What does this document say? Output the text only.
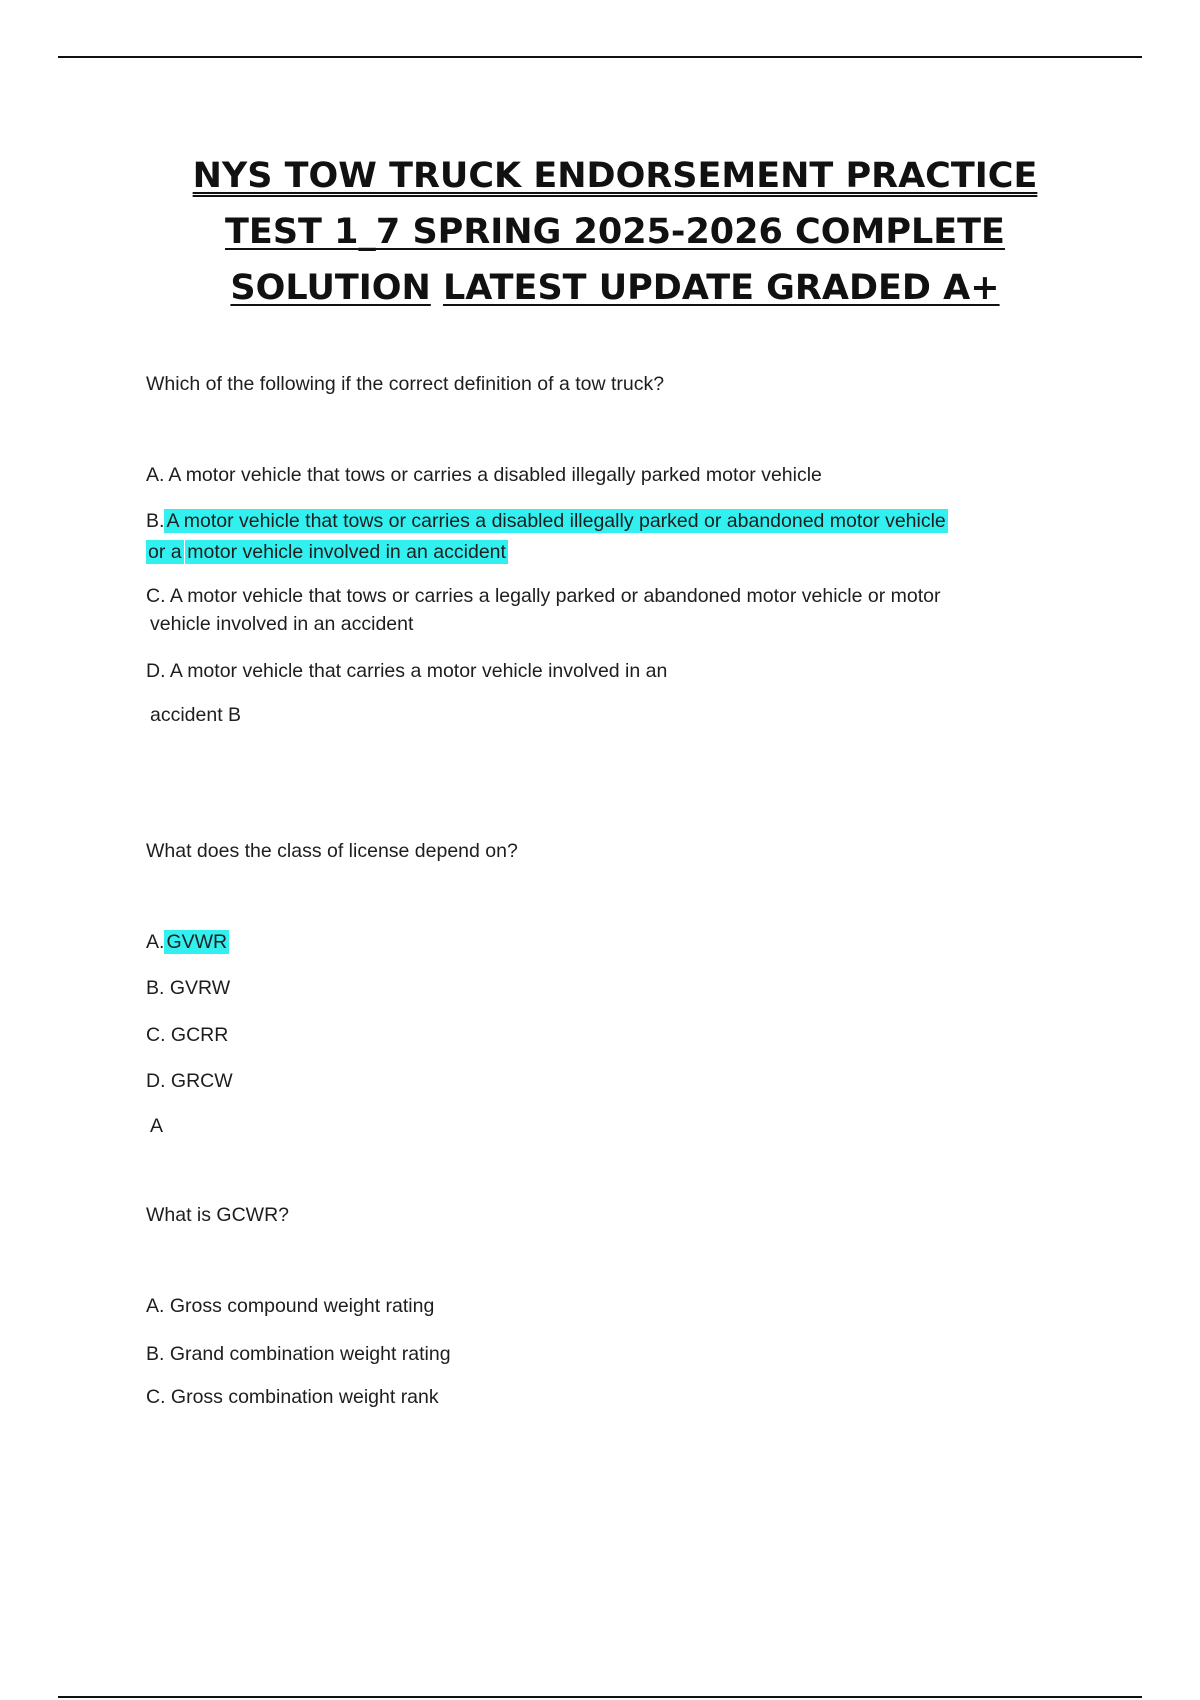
NYS TOW TRUCK ENDORSEMENT PRACTICE
TEST 1_7 SPRING 2025-2026 COMPLETE
SOLUTION LATEST UPDATE GRADED A+
Which of the following if the correct definition of a tow truck?
A.  A motor vehicle that tows or carries a disabled illegally parked motor vehicle
B. A motor vehicle that tows or carries a disabled illegally parked or abandoned motor vehicle
or a  motor vehicle involved in an accident
C. A motor vehicle that tows or carries a legally parked or abandoned motor vehicle or motor
vehicle involved in an accident
D. A motor vehicle that carries a motor vehicle involved in an
accident B
What does the class of license depend on?
A. GVWR
B. GVRW
C. GCRR
D. GRCW
A
What is GCWR?
A. Gross compound weight rating
B. Grand combination weight rating
C. Gross combination weight rank
